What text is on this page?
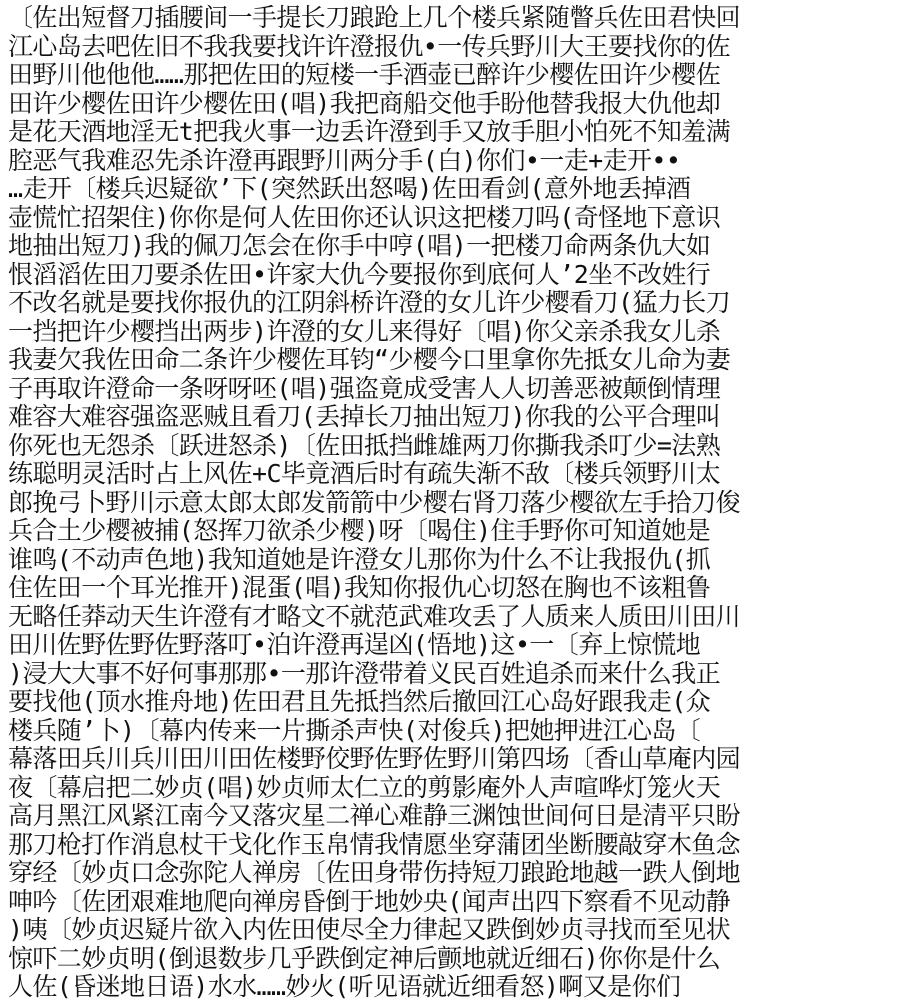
〔佐出短督刀插腰间一手提长刀踉跄上几个楼兵紧随瞥兵佐田君快回
江心岛去吧佐旧不我我要找许许澄报仇•一传兵野川大王要找你的佐
田野川他他他……那把佐田的短楼一手酒壶已醉许少樱佐田许少樱佐
田许少樱佐田许少樱佐田(唱)我把商船交他手盼他替我报大仇他却
是花天酒地淫无t把我火事一边丢许澄到手又放手胆小怕死不知羞满
腔恶气我难忍先杀许澄再跟野川两分手(白)你们•一走+走开••
…走开〔楼兵迟疑欲’下(突然跃出怒喝)佐田看剑(意外地丢掉酒
壶慌忙招架住)你你是何人佐田你还认识这把楼刀吗(奇怪地下意识
地抽出短刀)我的佩刀怎会在你手中哼(唱)一把楼刀命两条仇大如
恨滔滔佐田刀要杀佐田•许家大仇今要报你到底何人’2坐不改姓行
不改名就是要找你报仇的江阴斜桥许澄的女儿许少樱看刀(猛力长刀
一挡把许少樱挡出两步)许澄的女儿来得好〔唱)你父亲杀我女儿杀
我妻欠我佐田命二条许少樱佐耳钧“少樱今口里拿你先抵女儿命为妻
子再取许澄命一条呀呀呸(唱)强盗竟成受害人人切善恶被颠倒情理
难容大难容强盗恶贼且看刀(丢掉长刀抽出短刀)你我的公平合理叫
你死也无怨杀〔跃进怒杀)〔佐田抵挡雌雄两刀你撕我杀叮少=法熟
练聪明灵活时占上风佐+C毕竟酒后时有疏失渐不敌〔楼兵领野川太
郎挽弓卜野川示意太郎太郎发箭箭中少樱右肾刀落少樱欲左手拾刀俊
兵合土少樱被捕(怒挥刀欲杀少樱)呀〔喝住)住手野你可知道她是
谁鸣(不动声色地)我知道她是许澄女儿那你为什么不让我报仇(抓
住佐田一个耳光推开)混蛋(唱)我知你报仇心切怒在胸也不该粗鲁
无略任莽动天生许澄有才略文不就范武难攻丢了人质来人质田川田川
田川佐野佐野佐野落叮•泊许澄再逞凶(悟地)这•一〔弃上惊慌地
)浸大大事不好何事那那•一那许澄带着义民百姓追杀而来什么我正
要找他(顶水推舟地)佐田君且先抵挡然后撤回江心岛好跟我走(众
楼兵随’卜)〔幕内传来一片撕杀声快(对俊兵)把她押进江心岛〔
幕落田兵川兵川田川田佐楼野佼野佐野佐野川第四场〔香山草庵内园
夜〔幕启把二妙贞(唱)妙贞师太仁立的剪影庵外人声喧哗灯笼火天
高月黑江风紧江南今又落灾星二禅心难静三渊蚀世间何日是清平只盼
那刀枪打作消息杖干戈化作玉帛情我情愿坐穿蒲团坐断腰敲穿木鱼念
穿经〔妙贞口念弥陀人禅房〔佐田身带伤持短刀踉跄地越一跌人倒地
呻吟〔佐团艰难地爬向禅房昏倒于地妙央(闻声出四下察看不见动静
)咦〔妙贞迟疑片欲入内佐田使尽全力律起又跌倒妙贞寻找而至见状
惊吓二妙贞明(倒退数步几乎跌倒定神后颤地就近细石)你你是什么
人佐(昏迷地日语)水水……妙火(听见语就近细看怒)啊又是你们
